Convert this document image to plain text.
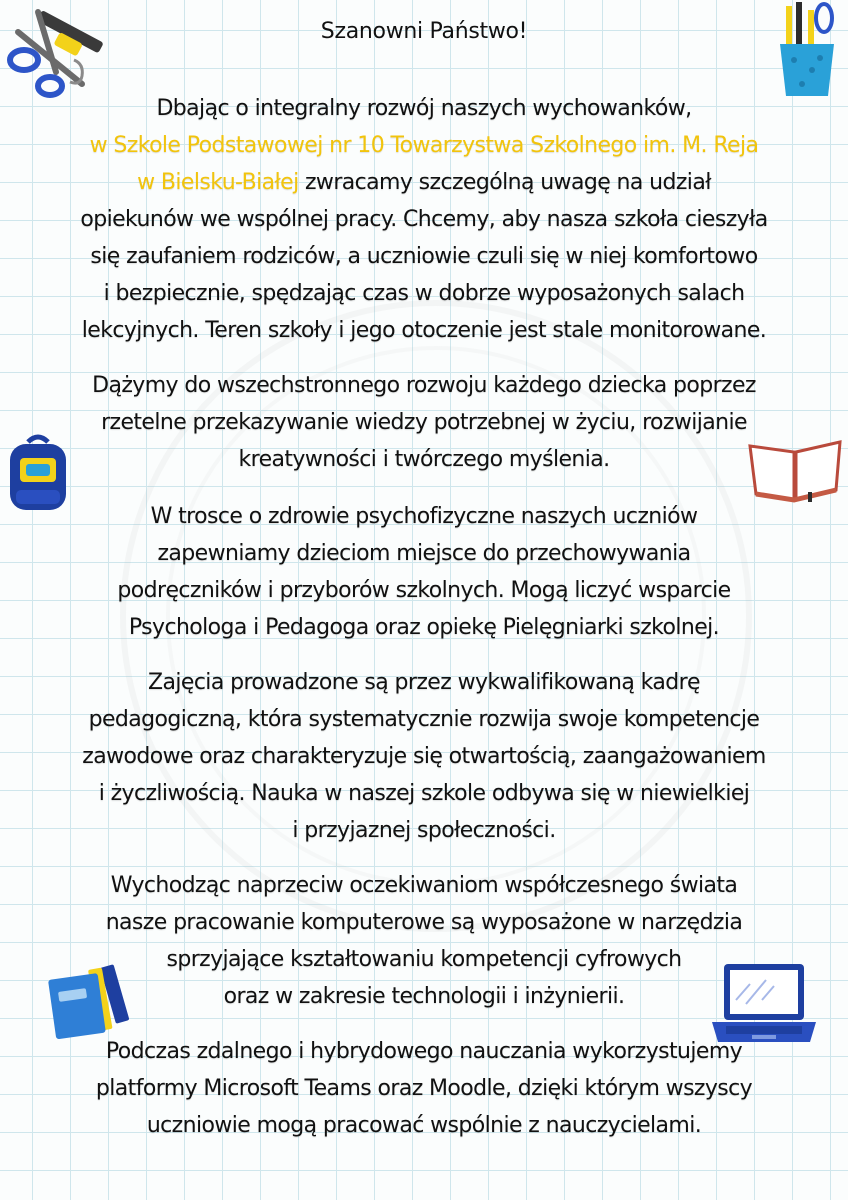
Szanowni Państwo!

Dbając o integralny rozwój naszych wychowanków,
w Szkole Podstawowej nr 10 Towarzystwa Szkolnego im. M. Reja
w Bielsku-Białej zwracamy szczególną uwagę na udział
opiekunów we wspólnej pracy. Chcemy, aby nasza szkoła cieszyła
się zaufaniem rodziców, a uczniowie czuli się w niej komfortowo
i bezpiecznie, spędzając czas w dobrze wyposażonych salach
lekcyjnych. Teren szkoły i jego otoczenie jest stale monitorowane.

Dążymy do wszechstronnego rozwoju każdego dziecka poprzez
rzetelne przekazywanie wiedzy potrzebnej w życiu, rozwijanie
kreatywności i twórczego myślenia.

W trosce o zdrowie psychofizyczne naszych uczniów
zapewniamy dzieciom miejsce do przechowywania
podręczników i przyborów szkolnych. Mogą liczyć wsparcie
Psychologa i Pedagoga oraz opiekę Pielęgniarki szkolnej.

Zajęcia prowadzone są przez wykwalifikowaną kadrę
pedagogiczną, która systematycznie rozwija swoje kompetencje
zawodowe oraz charakteryzuje się otwartością, zaangażowaniem
i życzliwością. Nauka w naszej szkole odbywa się w niewielkiej
i przyjaznej społeczności.

Wychodząc naprzeciw oczekiwaniom współczesnego świata
nasze pracowanie komputerowe są wyposażone w narzędzia
sprzyjające kształtowaniu kompetencji cyfrowych
oraz w zakresie technologii i inżynierii.

Podczas zdalnego i hybrydowego nauczania wykorzystujemy
platformy Microsoft Teams oraz Moodle, dzięki którym wszyscy
uczniowie mogą pracować wspólnie z nauczycielami.
